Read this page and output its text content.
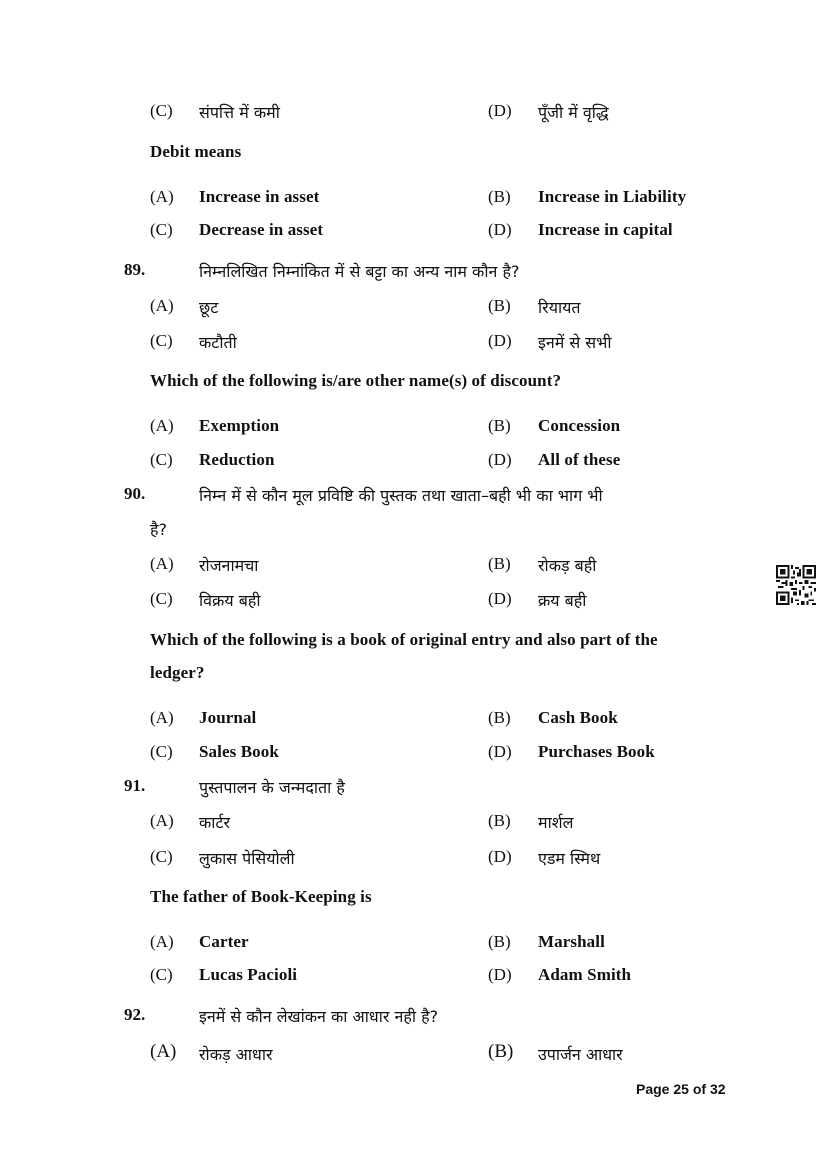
(C) संपत्ति में कमी	(D) पूँजी में वृद्धि
Debit means
(A) Increase in asset	(B) Increase in Liability
(C) Decrease in asset	(D) Increase in capital
89.	निम्नलिखित निम्नांकित में से बट्टा का अन्य नाम कौन है?
(A) छूट	(B) रियायत
(C) कटौती	(D) इनमें से सभी
Which of the following is/are other name(s) of discount?
(A) Exemption	(B) Concession
(C) Reduction	(D) All of these
90.	निम्न में से कौन मूल प्रविष्टि की पुस्तक तथा खाता–बही भी का भाग भी
है?
(A) रोजनामचा	(B) रोकड़ बही
(C) विक्रय बही	(D) क्रय बही
Which of the following is a book of original entry and also part of the
ledger?
(A) Journal	(B) Cash Book
(C) Sales Book	(D) Purchases Book
91.	पुस्तपालन के जन्मदाता है
(A) कार्टर	(B) मार्शल
(C) लुकास पेसियोली	(D) एडम स्मिथ
The father of Book-Keeping is
(A) Carter	(B) Marshall
(C) Lucas Pacioli	(D) Adam Smith
92.	इनमें से कौन लेखांकन का आधार नही है?
(A) रोकड़ आधार	(B) उपार्जन आधार
Page 25 of 32
